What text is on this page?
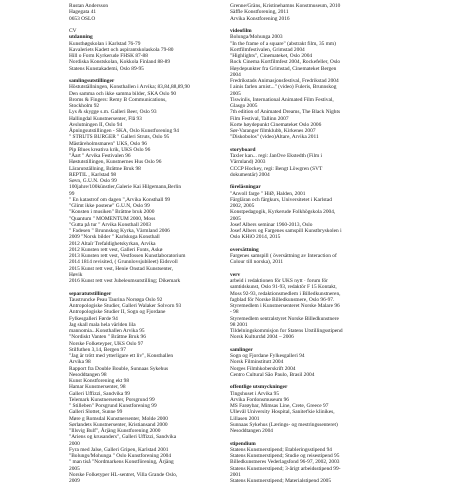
Rustan Andersson
Hagegata 41
0653 OSLO
CV
utdanning
Kunsthøgskolan i Karlstad 76-79
Kavaleriets Kadett och aspirantskolaskola 79-80
Hill o Form Kyrkerude FHSK 87-88
Nordiska Konstskolan, Kokkola Finland 88-89
Statens Kunstakademi, Oslo 89-95
samlingsutstillinger
Höstutställningen, Konsthallen i Arvika; 83,84,88,89,90
Den samma och ikke samma bilder, SKA Oslo 90
Broms & Fingers: Remy B Communications,
Stockholm 92
Lys & skygge s.m. Galleri Beer, Oslo 93
Hallingdal Kunstnersenter, Flå 93
Avslutningen II, Oslo 94
Åpningsutstillingen - SKA, Oslo Kunstforening 94
" STRUTS BURGER " Galleri Struts, Oslo 95
Mäståreholmsmaren" UKS, Oslo 96
Pip Blues kreativa krik, UKS Oslo 96
"Åart " Arvika Festivalen 96
Høstutstillingen, Kunstnernes Hus Oslo 96
Lärarutställning, Brättne Bruk 98
REPTIL , Karlstad 98
Søvn, G.U.N. Oslo 99
100jahre/100künstler,Galerie Kai Hilgemann,Berlin
99
" En katastrof om dagen ",Arvika Konsthall 99
"Glimt ikke postene" G.U.N, Oslo 99
"Konsten i musiken" Brättne bruk 2000
"Quantum " MOMENTUM 2000, Moss
"Gutta på tur " Arvika Konsthall 2003
" Fadesen " Brunnskog Kyrka, Värmland 2006
2009 "Norsk bilder " Karlskoga Konsthall
2012 Altaïr Trefaldighetskyrkan, Arvika
2012 Kunsten rett vest, Galleri Fonts, Askø
2013 Kunsten rett vest, Vestfossen Kunstlaboratorium
2014 1814 revisited, ( Grunnlovsjubileet) Eidsvoll
2015 Kunst rett vest, Henie Onstad Kunstsenter,
Høvik
2016 Kunst rett vest Jubeleumsutstilling; Dikemark
separatutstillinger
Taustruncke Peau Taurina Norrøga Oslo 92
Antropologiske Studier, Galleri Walaker Solvorn 93
Antropologiske Studier II, Sogn og Fjordane
Fylkesgalleri Førde 94
Jag skall mala hela världen lila
mannomia...Konsthallen Arvika 95
"Nordiskt Vanten " Brättne Bruk 96
Norske Folketeyper, UKS Oslo 97
Stilfuthen 3,14, Bergen 97
"Jag är trött med ytterligare ett liv", Konsthallen
Arvika 98
Rapport fra Double Bouble, Sunnaas Sykehus
Nesoddtangen 98
Kunst Konstforening ekt 98
Hamar Kunstnersenter, 98
Galleri Uffizzi, Sandvika 99
Telemark Kunstnersenter, Porsgrund 99
" Stilleben" Porsgrund Kunstforening 99
Galleri Slottet, Sunne 99
Møre g Romsdal Kunstnersenter, Molde 2000
Sørlandets Kunstnersenter, Kristiansand 2000
"Illsvig Bulf", Årjäng Kunstforening 2000
"Ariens og krusanders", Galleri Uffizzi, Sandvika
2000
Fyra med Jalse, Galleri Gripen, Karlstad 2001
"Bolungs/Mohunga " Oslo Kunstforening 2004
" man tiså "Nordmarkens Konstförening, Årjäng
2005
Norske Folketyper HL-sentret, Villa Grande Oslo,
2009
Grenne/Gräns, Kristinehamns Konstmuseum, 2010
Säffle Konstforening, 2011
Arvika Konstforening 2016
videofilm
Bolunga/Mohunga 2003
"In the frame of a square" (abstrakt film, 35 mm)
Kortfilmfestivalen, Grimstad 2004
"Highlights", Cinemateket, Oslo 2004
Rock Cinema Kortfilmfest 2004, Rockefeller, Oslo
Høydepunkter fra Grimstad, Cinemateket Bergen
2004
Fredrikstads Animasjonsfestival, Fredrikstad 2004
I ainis farlen arnist..." (video) Fuleris, Brunnskog
2005
Tiswinlis, International Animated Film Festival,
Glasgo 2005
7th edition of Animated Dreams, The Black Nights
Film Festival, Tallinn 2007
Korte høydepunkt Cinemateket Oslo 2006
Sør-Varanger filmklubb, Kirkenes 2007
"Diskobolos" (video)Altare, Arvika 2011
storyboard
Taxler kan... regi: JanOve Ekstedth (Film i
Värmland) 2003
CCCP Hockey, regi: Bengt Löwgren (SVT
dokumentär) 2004
föreläsningar
"Anvoll farge " HiØ, Halden, 2001
Färgläran och färgkurs, Universitetet i Karlstad
2002, 2005
Konstpedagogik, Kyrkerude Folkhögskola 2004,
2005
Josef Albers seminar 1960-2013, Oslo
Josef Albers og Fargenes samspill Kunstbryskolen i
Oslo KHiO 2014, 2015
oversättning
Fargenes samspill ( översättning av Interaction of
Colour till norska), 2011
verv
arbeid i redaktionen för UKS nytt · forum för
samtidskunst, Oslo 91-93, redaktör F 15 Kontakt,
Moss 92-93, redaktionsmedlem i Billedkunstneren,
fagblad för Norske Billedkunstnere, Oslo 96-97.
Styremedlem i Kunstnersenteret Norske Malare 96
- 98
Styremedlem sentralstyret Norske Billedkunstnere
98 2001
Tildelningskommisjon for Statens Utstillingsstipend
Norsk Kulturråd 2004 – 2006
samlinger
Sogn og Fjordane Fylkesgalleri 94
Norsk Filminstitutt 2004
Norges Filmhkoberskrift 2004
Centro Cultural São Paulo, Brasil 2004
offentlige utsmyckninger
Tingshuset i Arvika 95
Arvika Fordonsmuseum 96
MS Farøybar, Mimsas Line, Crete, Greece 97
Ullevål University Hospital, Sanitet'kie klinikes,
Lillasen 2001
Sunnaas Sykehus (Lærings- og mestringssenteret)
Nesoddtangen 2004
stipendium
Statens Kunstnerstipend; Etableringsstipend 94
Statens Kunstnerstipend; Studie og reisestipend 95
Billedkunstneres Vederlagsfond 96-97, 2002, 2003
Statens Kunstnerstipend; 3-årigt arbeidsstipend 99-
2001
Statens Kunstnerstipend; Materialstipend 2005
